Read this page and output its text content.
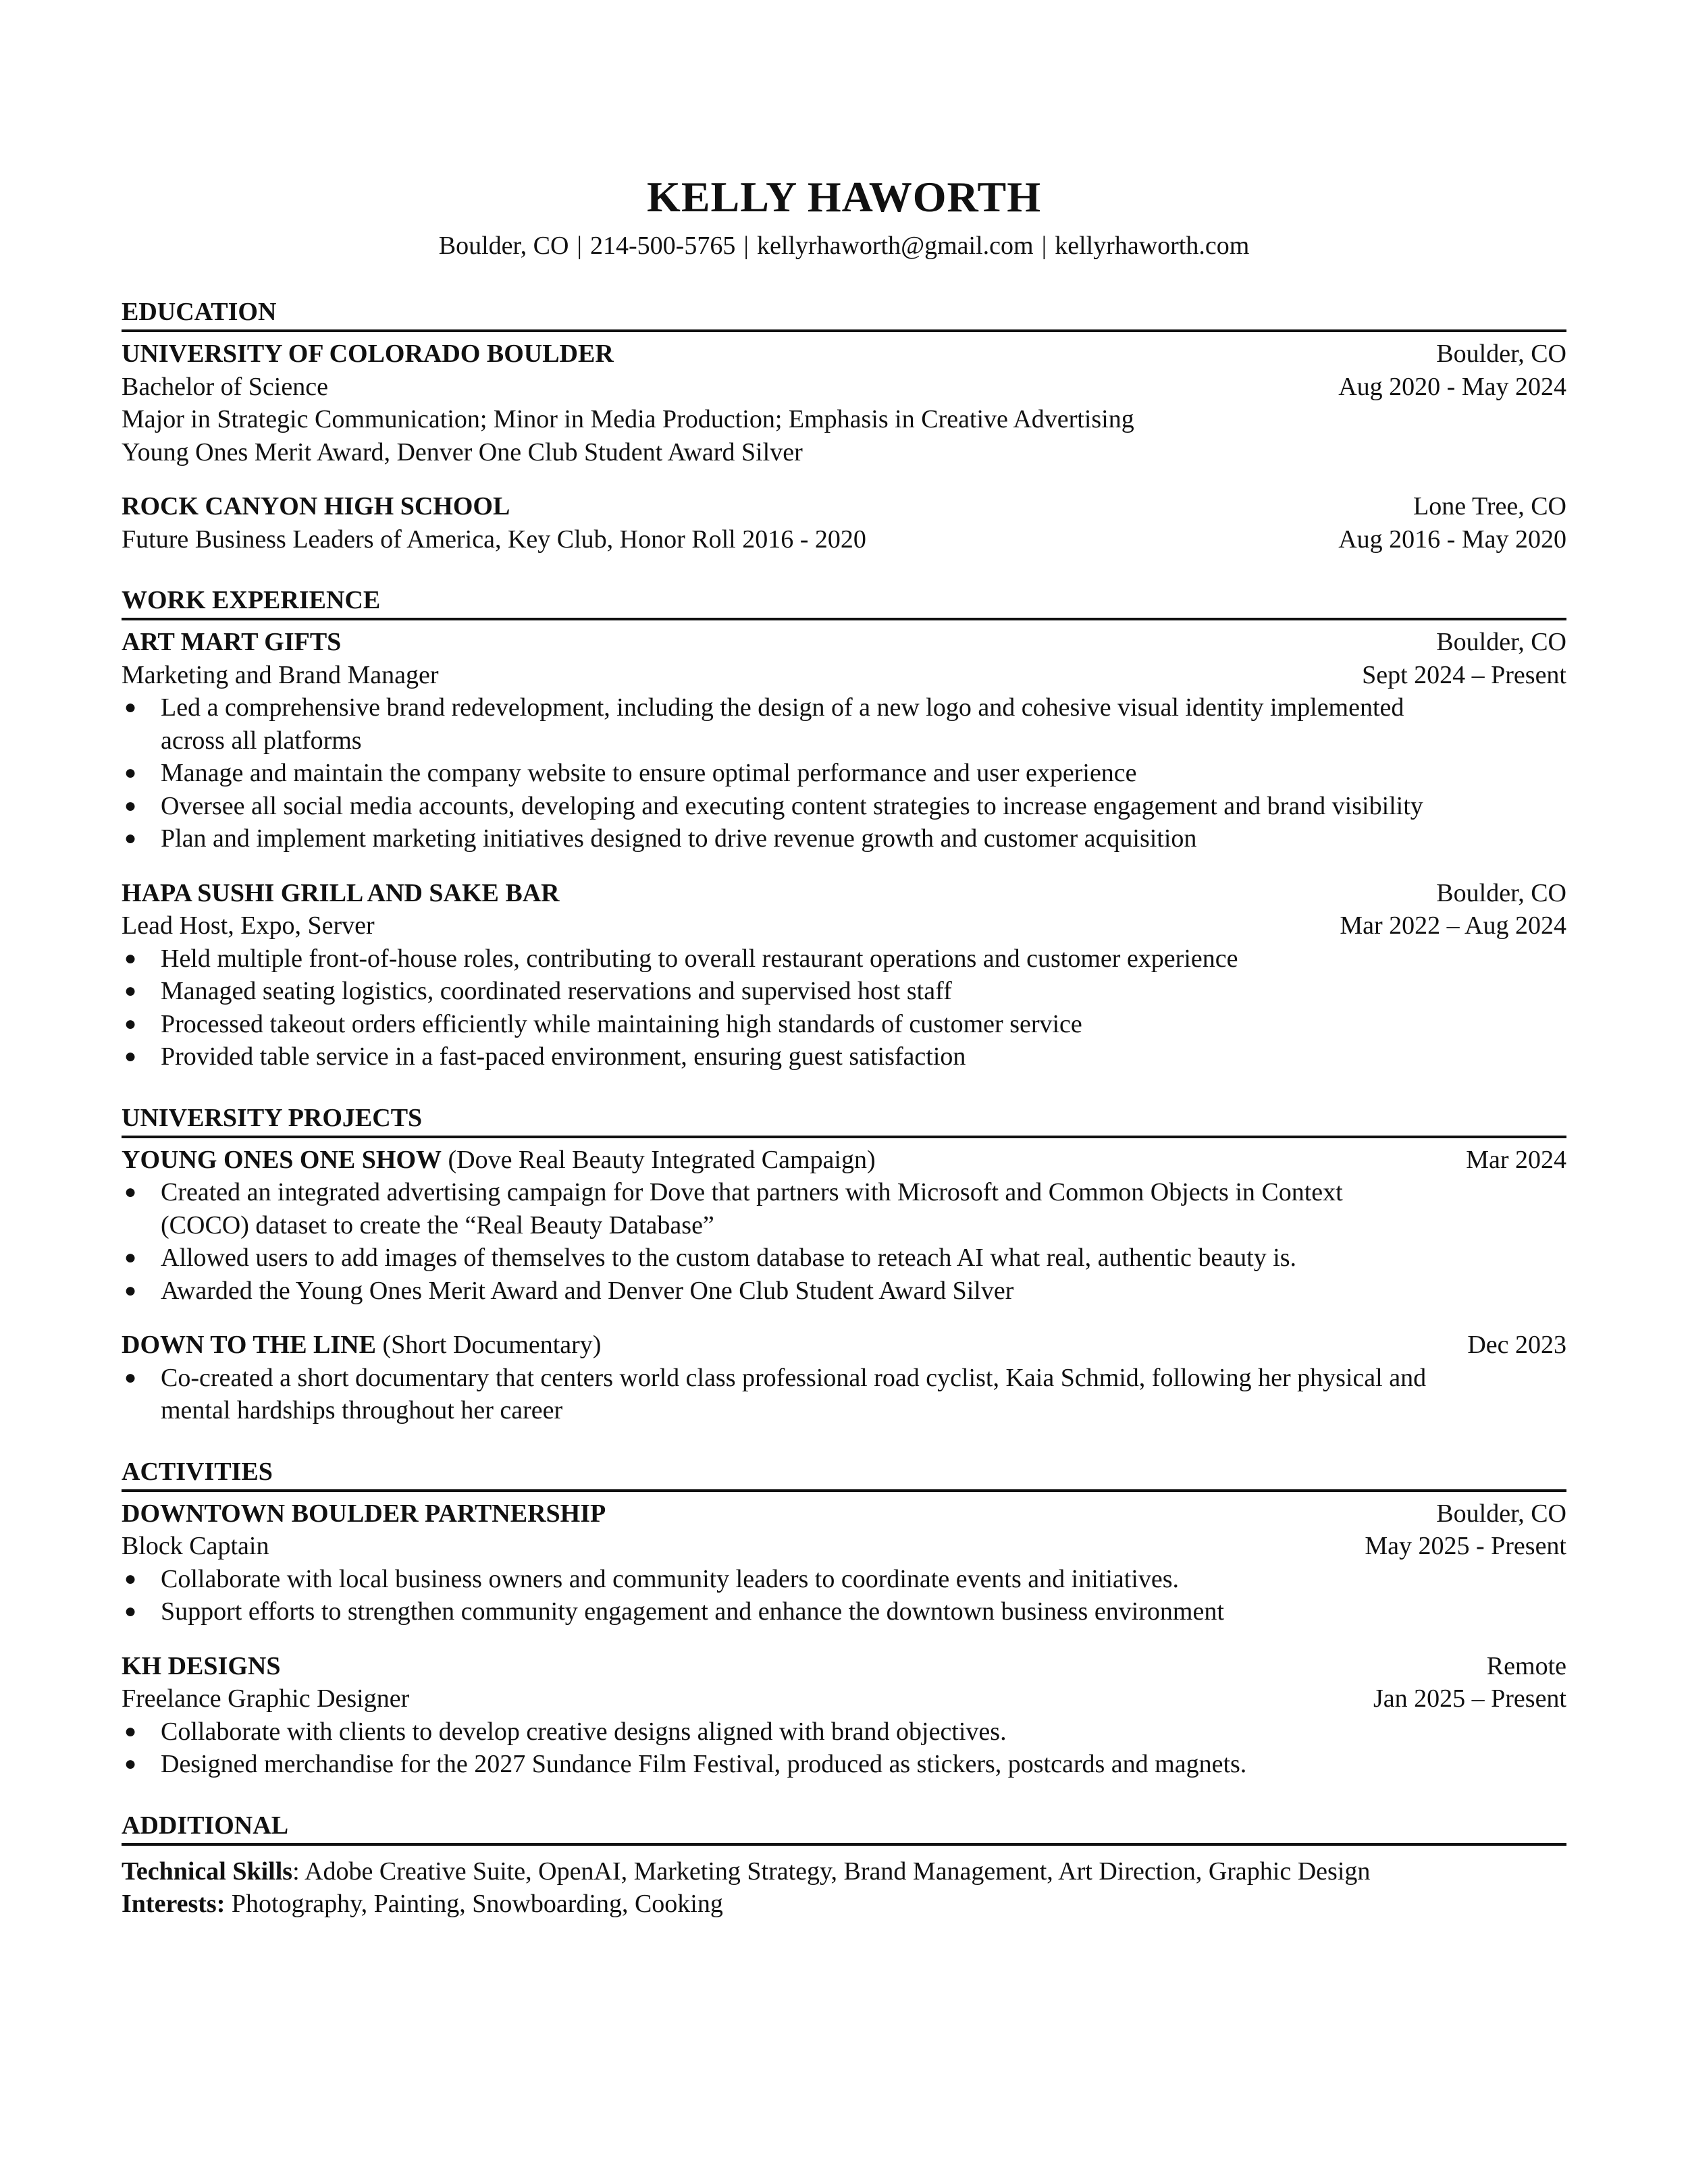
KELLY HAWORTH
Boulder, CO | 214-500-5765 | kellyrhaworth@gmail.com | kellyrhaworth.com
EDUCATION
UNIVERSITY OF COLORADO BOULDER	Boulder, CO
Bachelor of Science	Aug 2020 - May 2024
Major in Strategic Communication; Minor in Media Production; Emphasis in Creative Advertising
Young Ones Merit Award, Denver One Club Student Award Silver
ROCK CANYON HIGH SCHOOL	Lone Tree, CO
Future Business Leaders of America, Key Club, Honor Roll 2016 - 2020	Aug 2016 - May 2020
WORK EXPERIENCE
ART MART GIFTS	Boulder, CO
Marketing and Brand Manager	Sept 2024 – Present
● Led a comprehensive brand redevelopment, including the design of a new logo and cohesive visual identity implemented across all platforms
● Manage and maintain the company website to ensure optimal performance and user experience
● Oversee all social media accounts, developing and executing content strategies to increase engagement and brand visibility
● Plan and implement marketing initiatives designed to drive revenue growth and customer acquisition
HAPA SUSHI GRILL AND SAKE BAR	Boulder, CO
Lead Host, Expo, Server	Mar 2022 – Aug 2024
● Held multiple front-of-house roles, contributing to overall restaurant operations and customer experience
● Managed seating logistics, coordinated reservations and supervised host staff
● Processed takeout orders efficiently while maintaining high standards of customer service
● Provided table service in a fast-paced environment, ensuring guest satisfaction
UNIVERSITY PROJECTS
YOUNG ONES ONE SHOW (Dove Real Beauty Integrated Campaign)	Mar 2024
● Created an integrated advertising campaign for Dove that partners with Microsoft and Common Objects in Context (COCO) dataset to create the “Real Beauty Database”
● Allowed users to add images of themselves to the custom database to reteach AI what real, authentic beauty is.
● Awarded the Young Ones Merit Award and Denver One Club Student Award Silver
DOWN TO THE LINE (Short Documentary)	Dec 2023
● Co-created a short documentary that centers world class professional road cyclist, Kaia Schmid, following her physical and mental hardships throughout her career
ACTIVITIES
DOWNTOWN BOULDER PARTNERSHIP	Boulder, CO
Block Captain	May 2025 - Present
● Collaborate with local business owners and community leaders to coordinate events and initiatives.
● Support efforts to strengthen community engagement and enhance the downtown business environment
KH DESIGNS	Remote
Freelance Graphic Designer	Jan 2025 – Present
● Collaborate with clients to develop creative designs aligned with brand objectives.
● Designed merchandise for the 2027 Sundance Film Festival, produced as stickers, postcards and magnets.
ADDITIONAL
Technical Skills: Adobe Creative Suite, OpenAI, Marketing Strategy, Brand Management, Art Direction, Graphic Design
Interests: Photography, Painting, Snowboarding, Cooking
